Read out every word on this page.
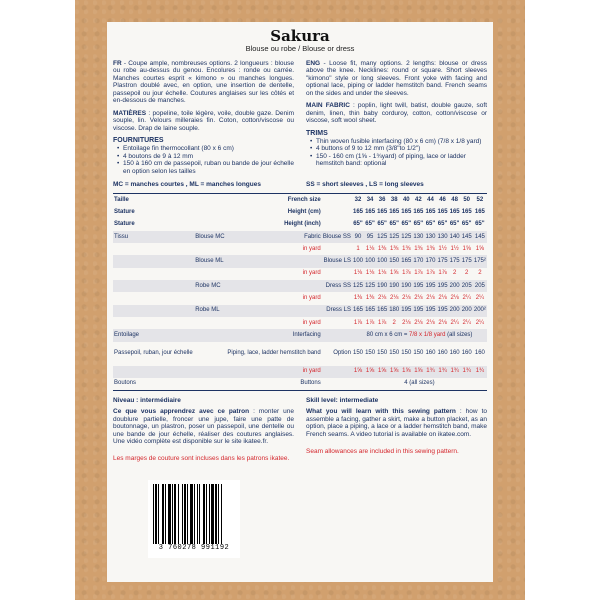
Sakura
Blouse ou robe / Blouse or dress

FR - Coupe ample, nombreuses options. 2 longueurs : blouse ou robe au-dessus du genou. Encolures : ronde ou carrée. Manches courtes esprit « kimono » ou manches longues. Plastron doublé avec, en option, une insertion de dentelle, passepoil ou jour échelle. Coutures anglaises sur les côtés et en-dessous de manches.

MATIÈRES : popeline, toile légère, voile, double gaze. Denim souple, lin. Velours milleraies fin. Coton, cotton/viscose ou viscose. Drap de laine souple.

FOURNITURES
• Entoilage fin thermocollant (80 x 6 cm)
• 4 boutons de 9 à 12 mm
• 150 à 160 cm de passepoil, ruban ou bande de jour échelle en option selon les tailles

ENG - Loose fit, many options. 2 lengths: blouse or dress above the knee. Necklines: round or square. Short sleeves "kimono" style or long sleeves. Front yoke with facing and optional lace, piping or ladder hemstitch band. French seams on the sides and under the sleeves.

MAIN FABRIC : poplin, light twill, batist, double gauze, soft denim, linen, thin baby corduroy, cotton, cotton/viscose or viscose, soft wool sheet.

TRIMS
• Thin woven fusible interfacing (80 x 6 cm) (7/8 x 1/8 yard)
• 4 buttons of 9 to 12 mm (3/8"to 1/2")
• 150 - 160 cm (1⅝ - 1¾yard) of piping, lace or ladder hemstitch band: optional
MC = manches courtes , ML = manches longues	SS = short sleeves , LS = long sleeves
Taille		French size		32	34	36	38	40	42	44	46	48	50	52
Stature		Height (cm)		165	165	165	165	165	165	165	165	165	165	165
Stature		Height (inch)		65"	65"	65"	65"	65"	65"	65"	65"	65"	65"	65"
Tissu	Blouse MC	Fabric	Blouse SS	90	95	125	125	125	130	130	130	140	145	145
		in yard		1	1⅛	1⅜	1⅜	1⅜	1⅜	1⅜	1½	1½	1⅝	1⅝
	Blouse ML		Blouse LS	100	100	100	150	165	170	170	175	175	175	175²
		in yard		1⅛	1⅛	1⅛	1⅝	1⅞	1⅞	1⅞	1⅞	2	2	2
	Robe MC		Dress SS	125	125	190	190	190	195	195	195	200	205	205
		in yard		1⅜	1⅜	2⅛	2⅛	2⅛	2⅛	2⅛	2⅛	2⅛	2¼	2¼
	Robe ML		Dress LS	165	165	165	180	195	195	195	195	200	200	200²
		in yard		1⅞	1⅞	1⅞	2	2⅛	2⅛	2⅛	2⅛	2¼	2¼	2¼
Entoilage		Interfacing		80 cm x 6 cm = 7/8 x 1/8 yard (all sizes)										
Passepoil, ruban, jour échelle		Piping, lace, ladder hemstitch band	Option	150	150	150	150	150	150	160	160	160	160	160
		in yard		1⅝	1⅝	1⅝	1⅝	1⅝	1⅝	1¾	1¾	1¾	1¾	1¾
Boutons		Buttons		4 (all sizes)										

Niveau : intermédiaire

Ce que vous apprendrez avec ce patron : monter une doublure partielle, froncer une jupe, faire une patte de boutonnage, un plastron, poser un passepoil, une dentelle ou une bande de jour échelle, réaliser des coutures anglaises. Une vidéo complète est disponible sur le site ikatee.fr.

Les marges de couture sont incluses dans les patrons ikatee.

Skill level: intermediate

What you will learn with this sewing pattern : how to assemble a facing, gather a skirt, make a button placket, as an option, place a piping, a lace or a ladder hemstitch band, make French seams. A video tutorial is available on ikatee.com.

Seam allowances are included in this sewing pattern.
3 760278 991192
